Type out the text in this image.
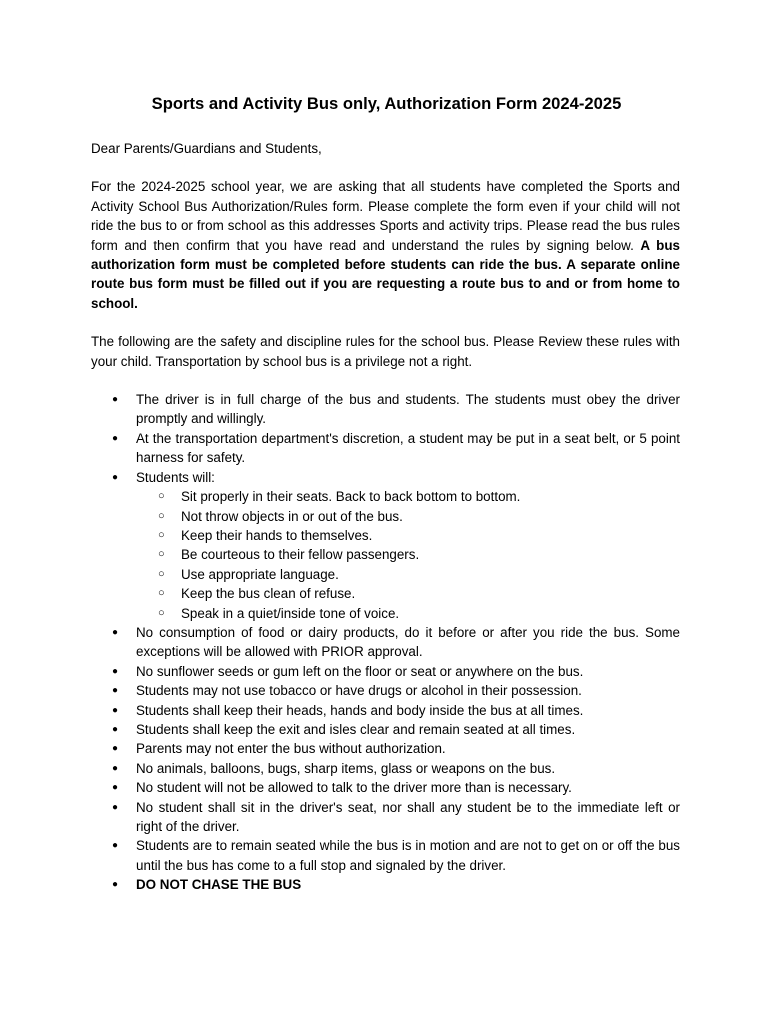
Sports and Activity Bus only, Authorization Form 2024-2025

Dear Parents/Guardians and Students,

For the 2024-2025 school year, we are asking that all students have completed the Sports and Activity School Bus Authorization/Rules form. Please complete the form even if your child will not ride the bus to or from school as this addresses Sports and activity trips. Please read the bus rules form and then confirm that you have read and understand the rules by signing below. A bus authorization form must be completed before students can ride the bus. A separate online route bus form must be filled out if you are requesting a route bus to and or from home to school.

The following are the safety and discipline rules for the school bus. Please Review these rules with your child. Transportation by school bus is a privilege not a right.

● The driver is in full charge of the bus and students. The students must obey the driver promptly and willingly.
● At the transportation department's discretion, a student may be put in a seat belt, or 5 point harness for safety.
● Students will:
○ Sit properly in their seats. Back to back bottom to bottom.
○ Not throw objects in or out of the bus.
○ Keep their hands to themselves.
○ Be courteous to their fellow passengers.
○ Use appropriate language.
○ Keep the bus clean of refuse.
○ Speak in a quiet/inside tone of voice.
● No consumption of food or dairy products, do it before or after you ride the bus. Some exceptions will be allowed with PRIOR approval.
● No sunflower seeds or gum left on the floor or seat or anywhere on the bus.
● Students may not use tobacco or have drugs or alcohol in their possession.
● Students shall keep their heads, hands and body inside the bus at all times.
● Students shall keep the exit and isles clear and remain seated at all times.
● Parents may not enter the bus without authorization.
● No animals, balloons, bugs, sharp items, glass or weapons on the bus.
● No student will not be allowed to talk to the driver more than is necessary.
● No student shall sit in the driver's seat, nor shall any student be to the immediate left or right of the driver.
● Students are to remain seated while the bus is in motion and are not to get on or off the bus until the bus has come to a full stop and signaled by the driver.
● DO NOT CHASE THE BUS
